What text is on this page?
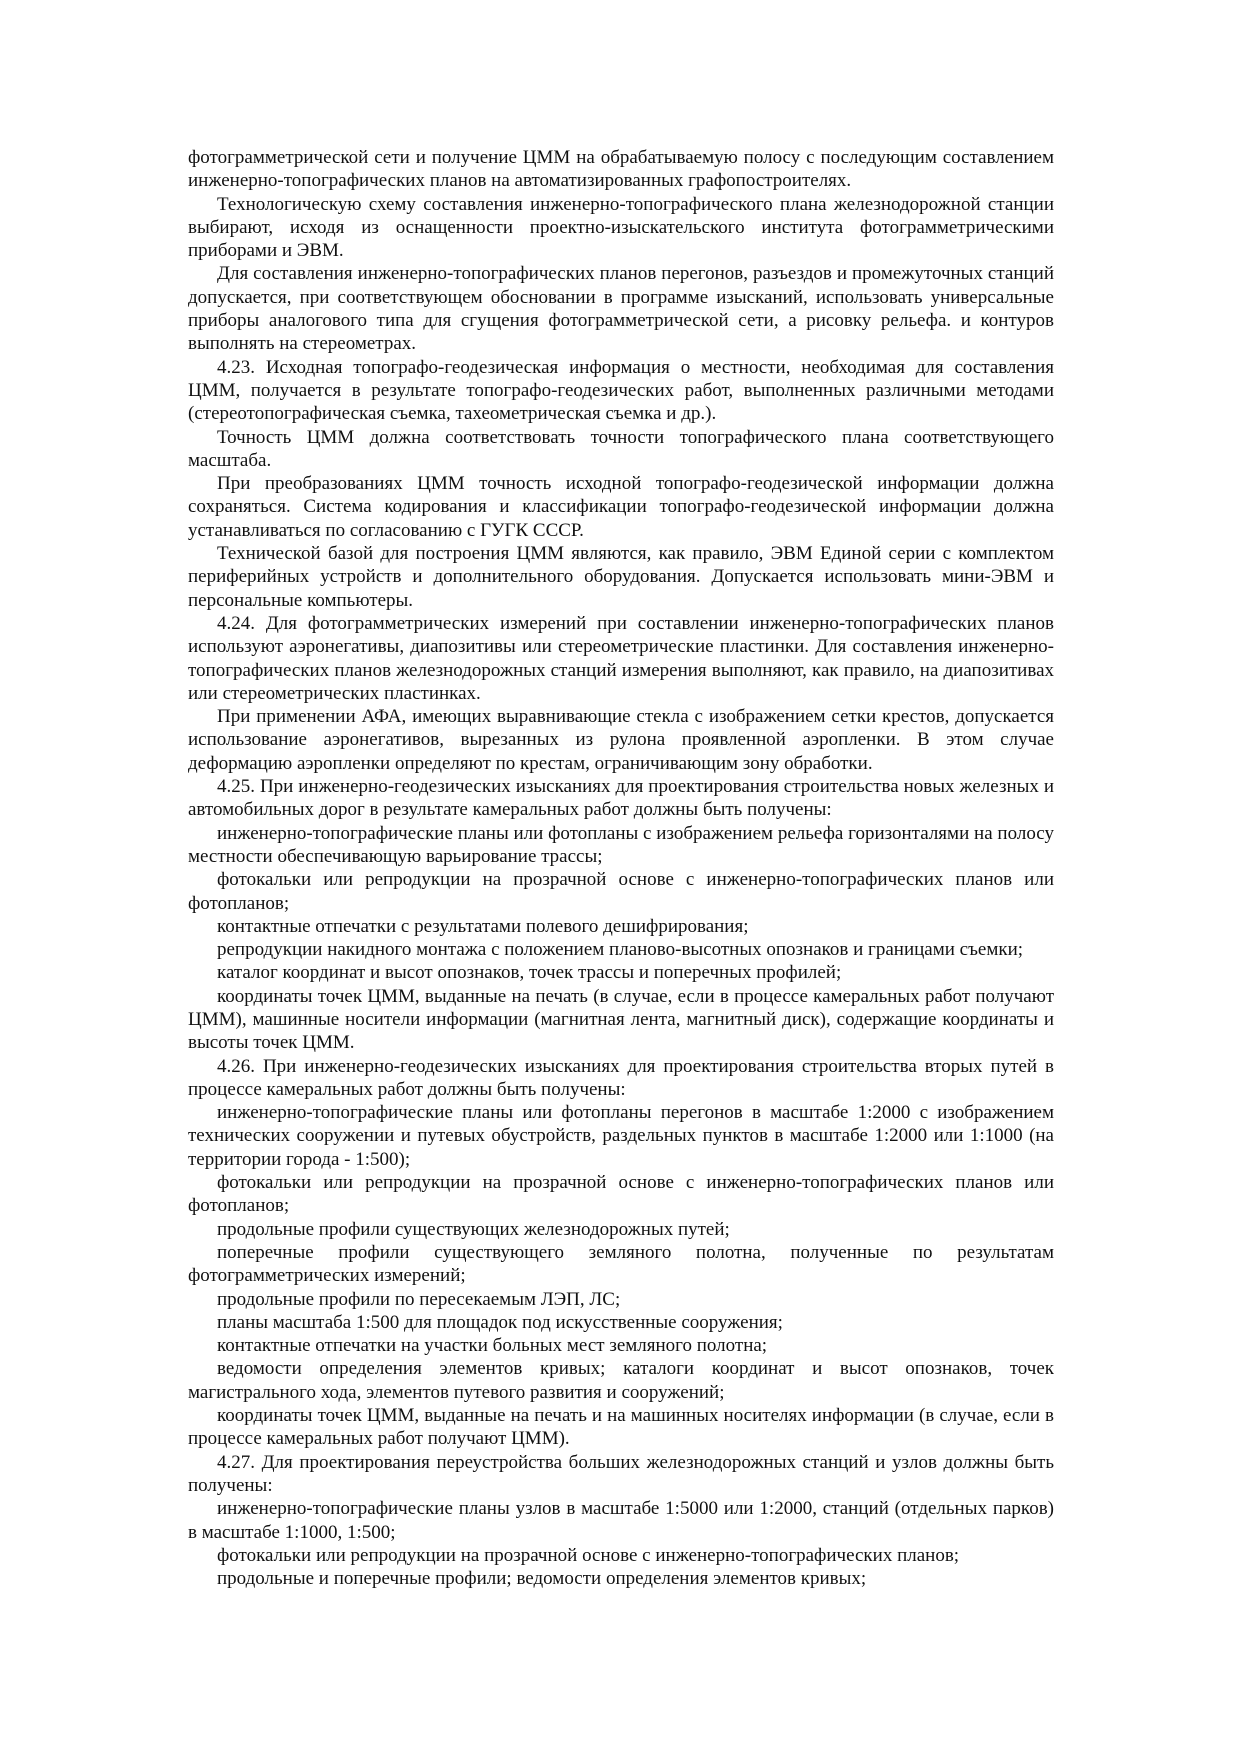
фотограмметрической сети и получение ЦММ на обрабатываемую полосу с последующим составлением инженерно-топографических планов на автоматизированных графопостроителях.

Технологическую схему составления инженерно-топографического плана железнодорожной станции выбирают, исходя из оснащенности проектно-изыскательского института фотограмметрическими приборами и ЭВМ.

Для составления инженерно-топографических планов перегонов, разъездов и промежуточных станций допускается, при соответствующем обосновании в программе изысканий, использовать универсальные приборы аналогового типа для сгущения фотограмметрической сети, а рисовку рельефа. и контуров выполнять на стереометрах.

4.23. Исходная топографо-геодезическая информация о местности, необходимая для составления ЦММ, получается в результате топографо-геодезических работ, выполненных различными методами (стереотопографическая съемка, тахеометрическая съемка и др.).

Точность ЦММ должна соответствовать точности топографического плана соответствующего масштаба.

При преобразованиях ЦММ точность исходной топографо-геодезической информации должна сохраняться. Система кодирования и классификации топографо-геодезической информации должна устанавливаться по согласованию с ГУГК СССР.

Технической базой для построения ЦММ являются, как правило, ЭВМ Единой серии с комплектом периферийных устройств и дополнительного оборудования. Допускается использовать мини-ЭВМ и персональные компьютеры.

4.24. Для фотограмметрических измерений при составлении инженерно-топографических планов используют аэронегативы, диапозитивы или стереометрические пластинки. Для составления инженерно-топографических планов железнодорожных станций измерения выполняют, как правило, на диапозитивах или стереометрических пластинках.

При применении АФА, имеющих выравнивающие стекла с изображением сетки крестов, допускается использование аэронегативов, вырезанных из рулона проявленной аэропленки. В этом случае деформацию аэропленки определяют по крестам, ограничивающим зону обработки.

4.25. При инженерно-геодезических изысканиях для проектирования строительства новых железных и автомобильных дорог в результате камеральных работ должны быть получены:

инженерно-топографические планы или фотопланы с изображением рельефа горизонталями на полосу местности обеспечивающую варьирование трассы;

фотокальки или репродукции на прозрачной основе с инженерно-топографических планов или фотопланов;

контактные отпечатки с результатами полевого дешифрирования;

репродукции накидного монтажа с положением планово-высотных опознаков и границами съемки;

каталог координат и высот опознаков, точек трассы и поперечных профилей;

координаты точек ЦММ, выданные на печать (в случае, если в процессе камеральных работ получают ЦММ), машинные носители информации (магнитная лента, магнитный диск), содержащие координаты и высоты точек ЦММ.

4.26. При инженерно-геодезических изысканиях для проектирования строительства вторых путей в процессе камеральных работ должны быть получены:

инженерно-топографические планы или фотопланы перегонов в масштабе 1:2000 с изображением технических сооружении и путевых обустройств, раздельных пунктов в масштабе 1:2000 или 1:1000 (на территории города - 1:500);

фотокальки или репродукции на прозрачной основе с инженерно-топографических планов или фотопланов;

продольные профили существующих железнодорожных путей;

поперечные профили существующего земляного полотна, полученные по результатам фотограмметрических измерений;

продольные профили по пересекаемым ЛЭП, ЛС;

планы масштаба 1:500 для площадок под искусственные сооружения;

контактные отпечатки на участки больных мест земляного полотна;

ведомости определения элементов кривых; каталоги координат и высот опознаков, точек магистрального хода, элементов путевого развития и сооружений;

координаты точек ЦММ, выданные на печать и на машинных носителях информации (в случае, если в процессе камеральных работ получают ЦММ).

4.27. Для проектирования переустройства больших железнодорожных станций и узлов должны быть получены:

инженерно-топографические планы узлов в масштабе 1:5000 или 1:2000, станций (отдельных парков) в масштабе 1:1000, 1:500;

фотокальки или репродукции на прозрачной основе с инженерно-топографических планов;

продольные и поперечные профили; ведомости определения элементов кривых;
